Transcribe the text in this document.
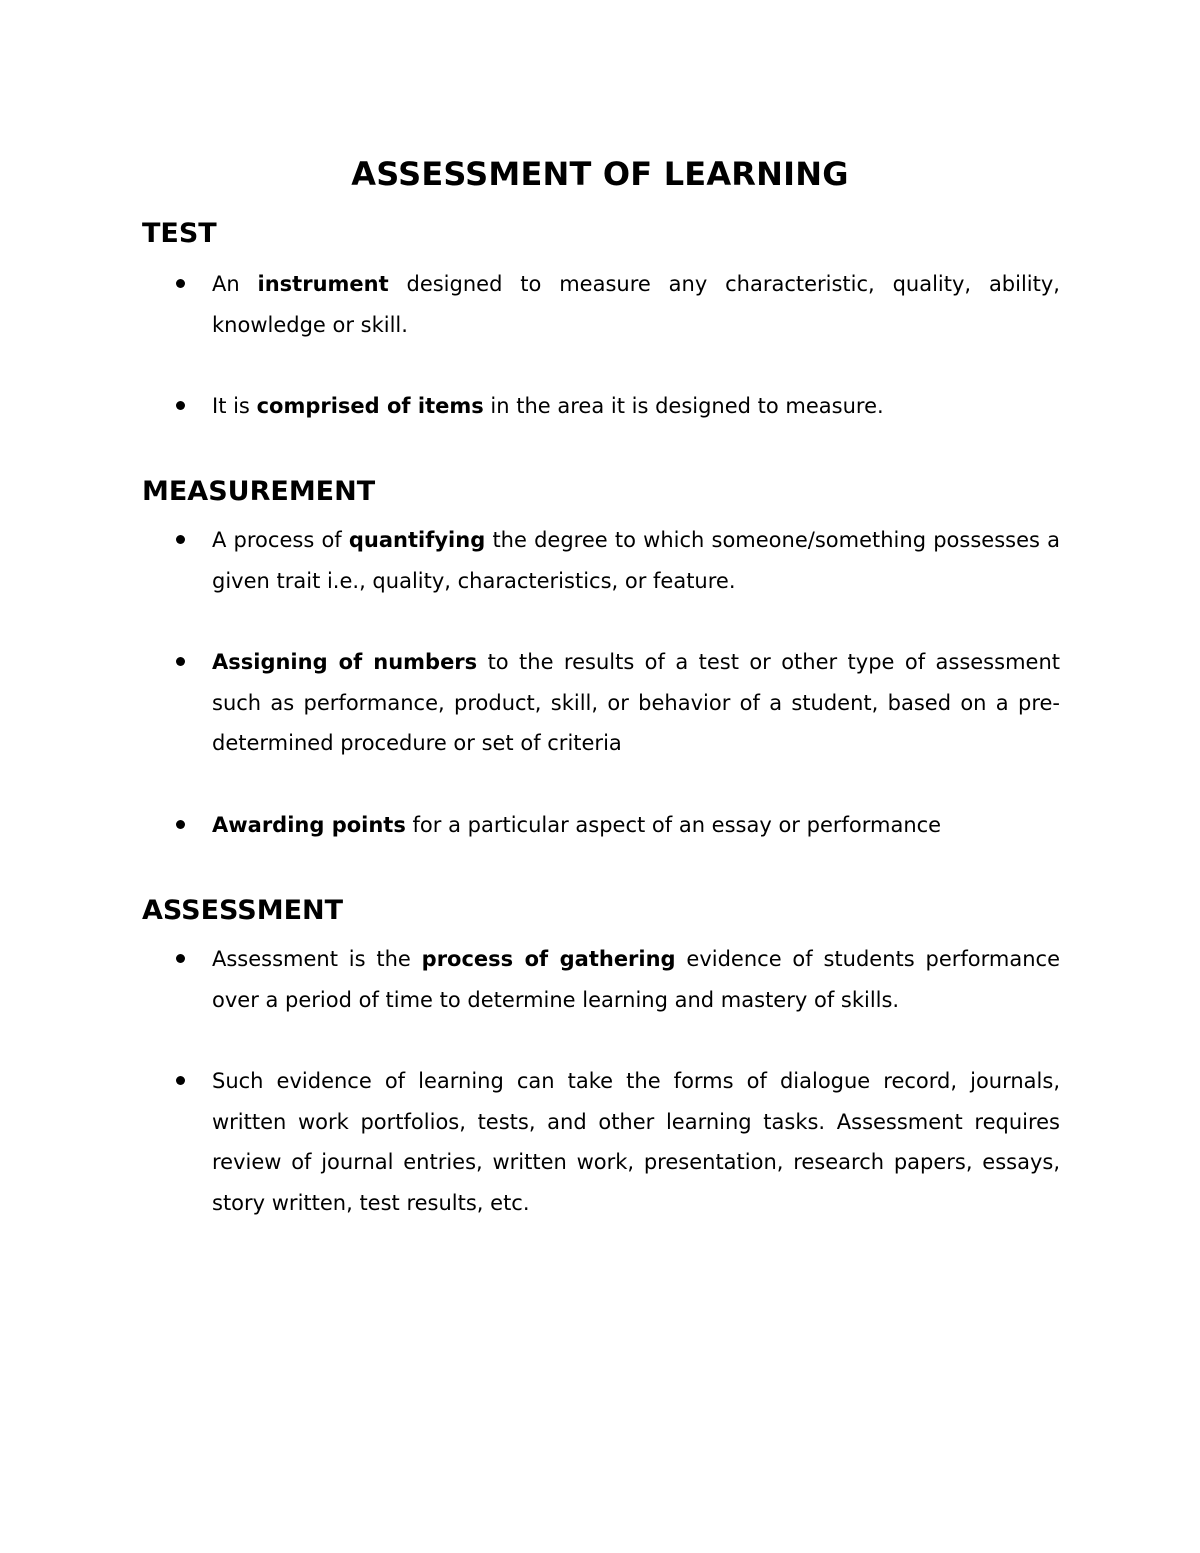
ASSESSMENT OF LEARNING
TEST
An instrument designed to measure any characteristic, quality, ability, knowledge or skill.
It is comprised of items in the area it is designed to measure.
MEASUREMENT
A process of quantifying the degree to which someone/something possesses a given trait i.e., quality, characteristics, or feature.
Assigning of numbers to the results of a test or other type of assessment such as performance, product, skill, or behavior of a student, based on a pre-determined procedure or set of criteria
Awarding points for a particular aspect of an essay or performance
ASSESSMENT
Assessment is the process of gathering evidence of students performance over a period of time to determine learning and mastery of skills.
Such evidence of learning can take the forms of dialogue record, journals, written work portfolios, tests, and other learning tasks. Assessment requires review of journal entries, written work, presentation, research papers, essays, story written, test results, etc.
